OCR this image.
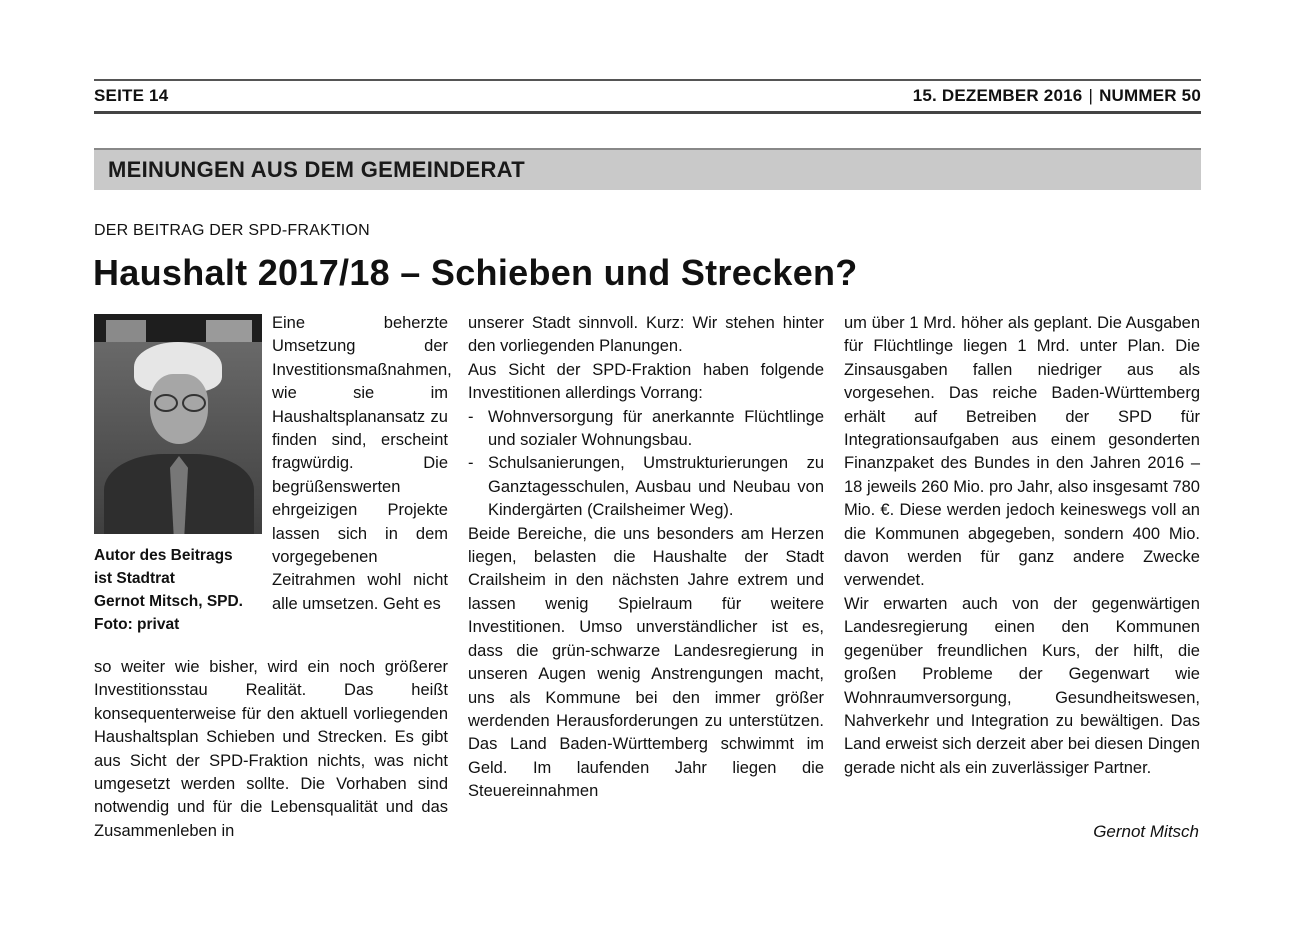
SEITE 14	15. DEZEMBER 2016 | NUMMER 50
MEINUNGEN AUS DEM GEMEINDERAT
DER BEITRAG DER SPD-FRAKTION
Haushalt 2017/18 – Schieben und Strecken?
Autor des Beitrags
ist Stadtrat
Gernot Mitsch, SPD.
Foto: privat

Eine beherzte Umsetzung der Investitionsmaßnahmen, wie sie im Haushaltsplanansatz zu finden sind, erscheint fragwürdig. Die begrüßenswerten ehrgeizigen Projekte lassen sich in dem vorgegebenen Zeitrahmen wohl nicht alle umsetzen. Geht es

so weiter wie bisher, wird ein noch größerer Investitionsstau Realität. Das heißt konsequenterweise für den aktuell vorliegenden Haushaltsplan Schieben und Strecken. Es gibt aus Sicht der SPD-Fraktion nichts, was nicht umgesetzt werden sollte. Die Vorhaben sind notwendig und für die Lebensqualität und das Zusammenleben in

unserer Stadt sinnvoll. Kurz: Wir stehen hinter den vorliegenden Planungen.

Aus Sicht der SPD-Fraktion haben folgende Investitionen allerdings Vorrang:

- Wohnversorgung für anerkannte Flüchtlinge und sozialer Wohnungsbau.
- Schulsanierungen, Umstrukturierungen zu Ganztagesschulen, Ausbau und Neubau von Kindergärten (Crailsheimer Weg).

Beide Bereiche, die uns besonders am Herzen liegen, belasten die Haushalte der Stadt Crailsheim in den nächsten Jahre extrem und lassen wenig Spielraum für weitere Investitionen. Umso unverständlicher ist es, dass die grün-schwarze Landesregierung in unseren Augen wenig Anstrengungen macht, uns als Kommune bei den immer größer werdenden Herausforderungen zu unterstützen. Das Land Baden-Württemberg schwimmt im Geld. Im laufenden Jahr liegen die Steuereinnahmen

um über 1 Mrd. höher als geplant. Die Ausgaben für Flüchtlinge liegen 1 Mrd. unter Plan. Die Zinsausgaben fallen niedriger aus als vorgesehen. Das reiche Baden-Württemberg erhält auf Betreiben der SPD für Integrationsaufgaben aus einem gesonderten Finanzpaket des Bundes in den Jahren 2016 – 18 jeweils 260 Mio. pro Jahr, also insgesamt 780 Mio. €. Diese werden jedoch keineswegs voll an die Kommunen abgegeben, sondern 400 Mio. davon werden für ganz andere Zwecke verwendet.

Wir erwarten auch von der gegenwärtigen Landesregierung einen den Kommunen gegenüber freundlichen Kurs, der hilft, die großen Probleme der Gegenwart wie Wohnraumversorgung, Gesundheitswesen, Nahverkehr und Integration zu bewältigen. Das Land erweist sich derzeit aber bei diesen Dingen gerade nicht als ein zuverlässiger Partner.

Gernot Mitsch
